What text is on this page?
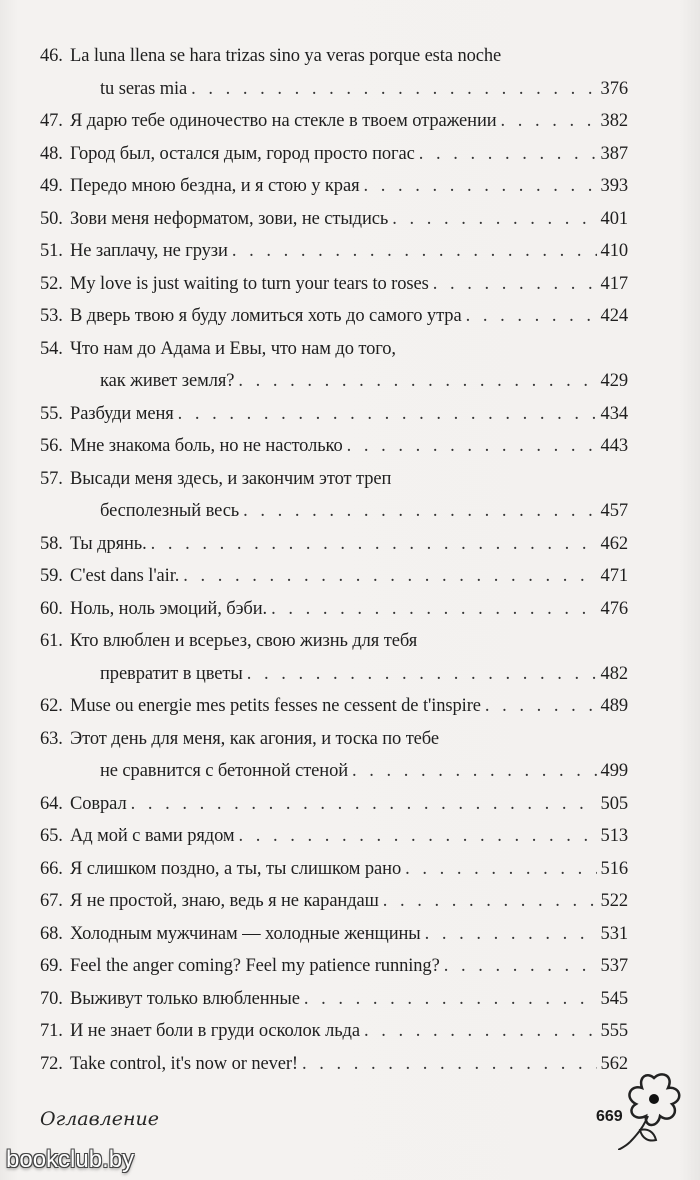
46. La luna llena se hara trizas sino ya veras porque esta noche
tu seras mia . . .	376
47. Я дарю тебе одиночество на стекле в твоем отражении . . .	382
48. Город был, остался дым, город просто погас . . .	387
49. Передо мною бездна, и я стою у края . . .	393
50. Зови меня неформатом, зови, не стыдись . . .	401
51. Не заплачу, не грузи . . .	410
52. My love is just waiting to turn your tears to roses . . .	417
53. В дверь твою я буду ломиться хоть до самого утра . . .	424
54. Что нам до Адама и Евы, что нам до того,
как живет земля? . . .	429
55. Разбуди меня . . .	434
56. Мне знакома боль, но не настолько . . .	443
57. Высади меня здесь, и закончим этот треп
бесполезный весь . . .	457
58. Ты дрянь. . . .	462
59. C'est dans l'air. . . .	471
60. Ноль, ноль эмоций, бэби. . . .	476
61. Кто влюблен и всерьез, свою жизнь для тебя
превратит в цветы . . .	482
62. Muse ou energie mes petits fesses ne cessent de t'inspire . . .	489
63. Этот день для меня, как агония, и тоска по тебе
не сравнится с бетонной стеной . . .	499
64. Соврал . . .	505
65. Ад мой с вами рядом . . .	513
66. Я слишком поздно, а ты, ты слишком рано . . .	516
67. Я не простой, знаю, ведь я не карандаш . . .	522
68. Холодным мужчинам — холодные женщины . . .	531
69. Feel the anger coming? Feel my patience running? . . .	537
70. Выживут только влюбленные . . .	545
71. И не знает боли в груди осколок льда . . .	555
72. Take control, it's now or never! . . .	562
Оглавление	669
bookclub.by
